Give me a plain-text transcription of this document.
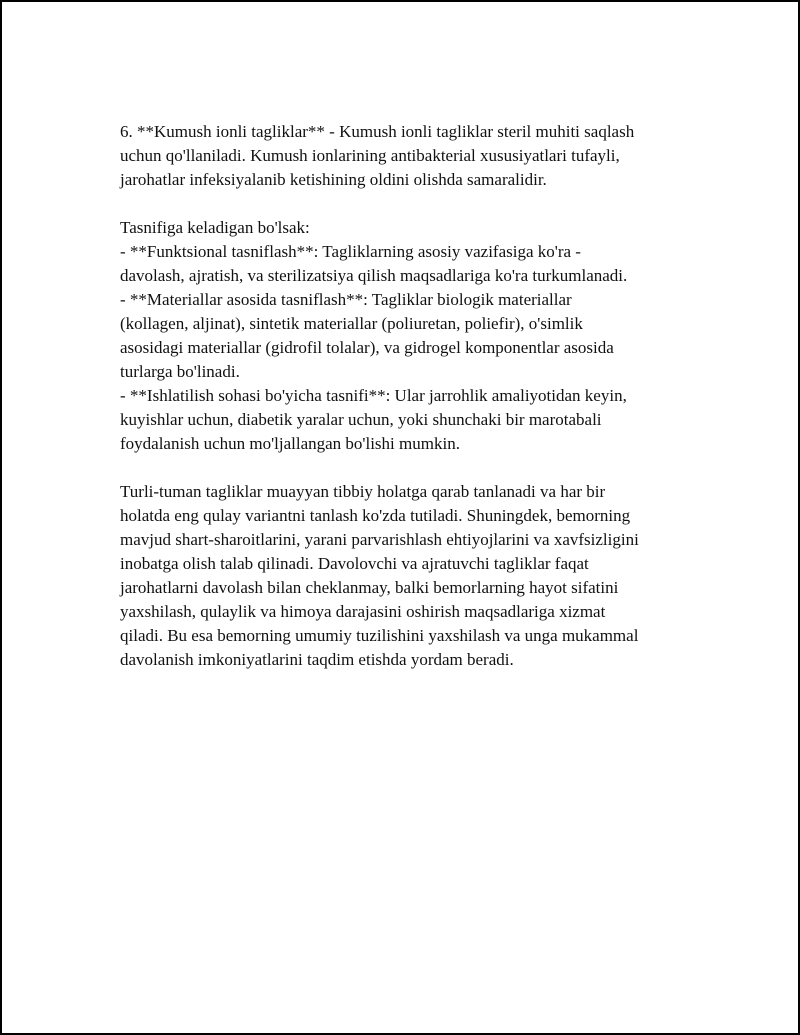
6. **Kumush ionli tagliklar** - Kumush ionli tagliklar steril muhiti saqlash
uchun qo'llaniladi. Kumush ionlarining antibakterial xususiyatlari tufayli,
jarohatlar infeksiyalanib ketishining oldini olishda samaralidir.

Tasnifiga keladigan bo'lsak:
- **Funktsional tasniflash**: Tagliklarning asosiy vazifasiga ko'ra -
davolash, ajratish, va sterilizatsiya qilish maqsadlariga ko'ra turkumlanadi.
- **Materiallar asosida tasniflash**: Tagliklar biologik materiallar
(kollagen, aljinat), sintetik materiallar (poliuretan, poliefir), o'simlik
asosidagi materiallar (gidrofil tolalar), va gidrogel komponentlar asosida
turlarga bo'linadi.
- **Ishlatilish sohasi bo'yicha tasnifi**: Ular jarrohlik amaliyotidan keyin,
kuyishlar uchun, diabetik yaralar uchun, yoki shunchaki bir marotabali
foydalanish uchun mo'ljallangan bo'lishi mumkin.

Turli-tuman tagliklar muayyan tibbiy holatga qarab tanlanadi va har bir
holatda eng qulay variantni tanlash ko'zda tutiladi. Shuningdek, bemorning
mavjud shart-sharoitlarini, yarani parvarishlash ehtiyojlarini va xavfsizligini
inobatga olish talab qilinadi. Davolovchi va ajratuvchi tagliklar faqat
jarohatlarni davolash bilan cheklanmay, balki bemorlarning hayot sifatini
yaxshilash, qulaylik va himoya darajasini oshirish maqsadlariga xizmat
qiladi. Bu esa bemorning umumiy tuzilishini yaxshilash va unga mukammal
davolanish imkoniyatlarini taqdim etishda yordam beradi.
